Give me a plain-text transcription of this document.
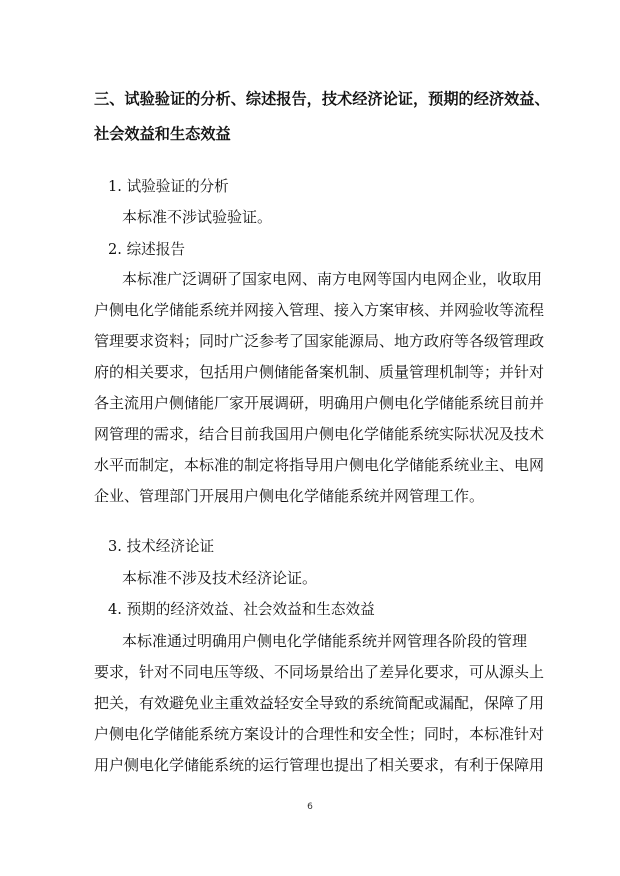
三、试验验证的分析、综述报告，技术经济论证，预期的经济效益、
社会效益和生态效益
1. 试验验证的分析
本标准不涉试验验证。
2. 综述报告
本标准广泛调研了国家电网、南方电网等国内电网企业，收取用
户侧电化学储能系统并网接入管理、接入方案审核、并网验收等流程
管理要求资料；同时广泛参考了国家能源局、地方政府等各级管理政
府的相关要求，包括用户侧储能备案机制、质量管理机制等；并针对
各主流用户侧储能厂家开展调研，明确用户侧电化学储能系统目前并
网管理的需求，结合目前我国用户侧电化学储能系统实际状况及技术
水平而制定，本标准的制定将指导用户侧电化学储能系统业主、电网
企业、管理部门开展用户侧电化学储能系统并网管理工作。
3. 技术经济论证
本标准不涉及技术经济论证。
4. 预期的经济效益、社会效益和生态效益
本标准通过明确用户侧电化学储能系统并网管理各阶段的管理
要求，针对不同电压等级、不同场景给出了差异化要求，可从源头上
把关，有效避免业主重效益轻安全导致的系统简配或漏配，保障了用
户侧电化学储能系统方案设计的合理性和安全性；同时，本标准针对
用户侧电化学储能系统的运行管理也提出了相关要求，有利于保障用
6
